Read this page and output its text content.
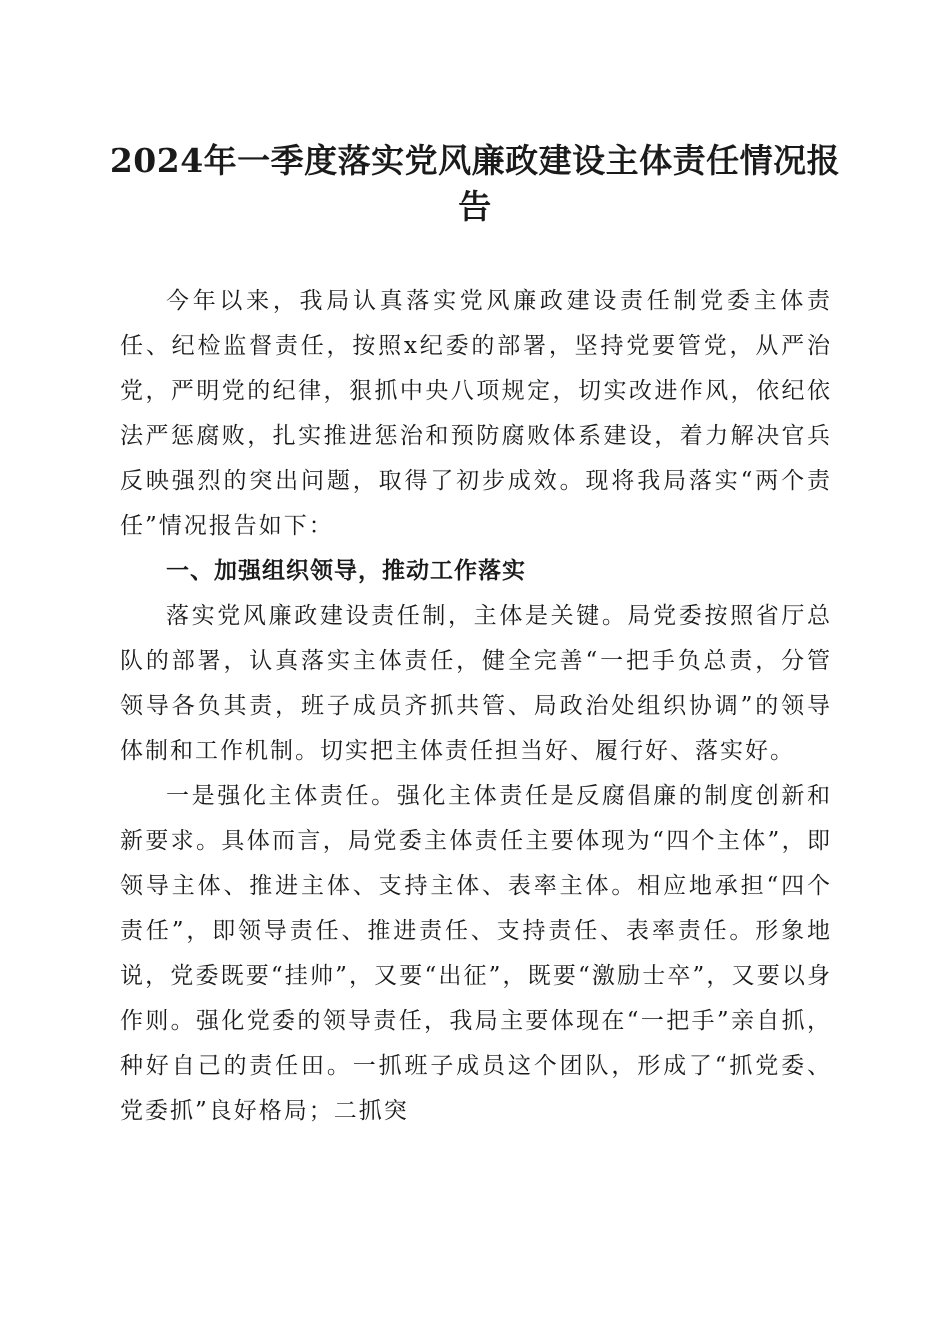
2024年一季度落实党风廉政建设主体责任情况报告

今年以来，我局认真落实党风廉政建设责任制党委主体责任、纪检监督责任，按照x纪委的部署，坚持党要管党，从严治党，严明党的纪律，狠抓中央八项规定，切实改进作风，依纪依法严惩腐败，扎实推进惩治和预防腐败体系建设，着力解决官兵反映强烈的突出问题，取得了初步成效。现将我局落实“两个责任”情况报告如下：

一、加强组织领导，推动工作落实

落实党风廉政建设责任制，主体是关键。局党委按照省厅总队的部署，认真落实主体责任，健全完善“一把手负总责，分管领导各负其责，班子成员齐抓共管、局政治处组织协调”的领导体制和工作机制。切实把主体责任担当好、履行好、落实好。

一是强化主体责任。强化主体责任是反腐倡廉的制度创新和新要求。具体而言，局党委主体责任主要体现为“四个主体”，即领导主体、推进主体、支持主体、表率主体。相应地承担“四个责任”，即领导责任、推进责任、支持责任、表率责任。形象地说，党委既要“挂帅”，又要“出征”，既要“激励士卒”，又要以身作则。强化党委的领导责任，我局主要体现在“一把手”亲自抓，种好自己的责任田。一抓班子成员这个团队，形成了“抓党委、党委抓”良好格局；二抓突
